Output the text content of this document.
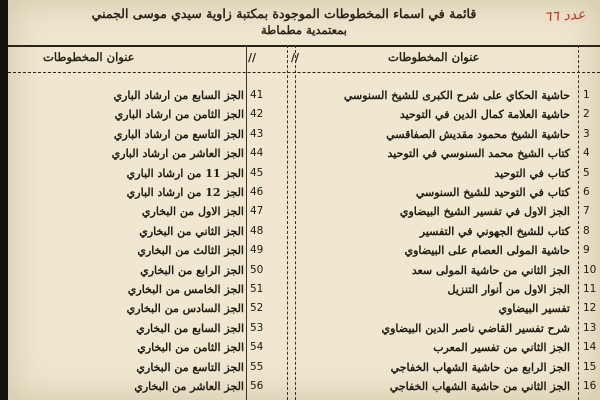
قائمة في اسماء المخطوطات الموجودة بمكتبة زاوية سيدي موسى الجمني
بمعتمدية مطماطة
عدد ٦٦
عنوان المخطوطات
عنوان المخطوطات	//
//
1
حاشية الحكاي على شرح الكبرى للشيخ السنوسي
2
حاشية العلامة كمال الدين في التوحيد
3
حاشية الشيخ محمود مقديش الصفاقسي
4
كتاب الشيخ محمد السنوسي في التوحيد
5
كتاب في التوحيد
6
كتاب في التوحيد للشيخ السنوسي
7
الجز الاول في تفسير الشيخ البيضاوي
8
كتاب للشيخ الجهوني في التفسير
9
حاشية المولى العصام على البيضاوي
10
الجز الثاني من حاشية المولى سعد
11
الجز الاول من أنوار التنزيل
12
تفسير البيضاوي
13
شرح تفسير القاضي ناصر الدين البيضاوي
14
الجز الثاني من تفسير المعرب
15
الجز الرابع من حاشية الشهاب الخفاجي
16
الجز الثاني من حاشية الشهاب الخفاجي
41
الجز السابع من ارشاد الباري
42
الجز الثامن من ارشاد الباري
43
الجز التاسع من ارشاد الباري
44
الجز العاشر من ارشاد الباري
45
الجز 11 من ارشاد الباري
46
الجز 12 من ارشاد الباري
47
الجز الاول من البخاري
48
الجز الثاني من البخاري
49
الجز الثالث من البخاري
50
الجز الرابع من البخاري
51
الجز الخامس من البخاري
52
الجز السادس من البخاري
53
الجز السابع من البخاري
54
الجز الثامن من البخاري
55
الجز التاسع من البخاري
56
الجز العاشر من البخاري
